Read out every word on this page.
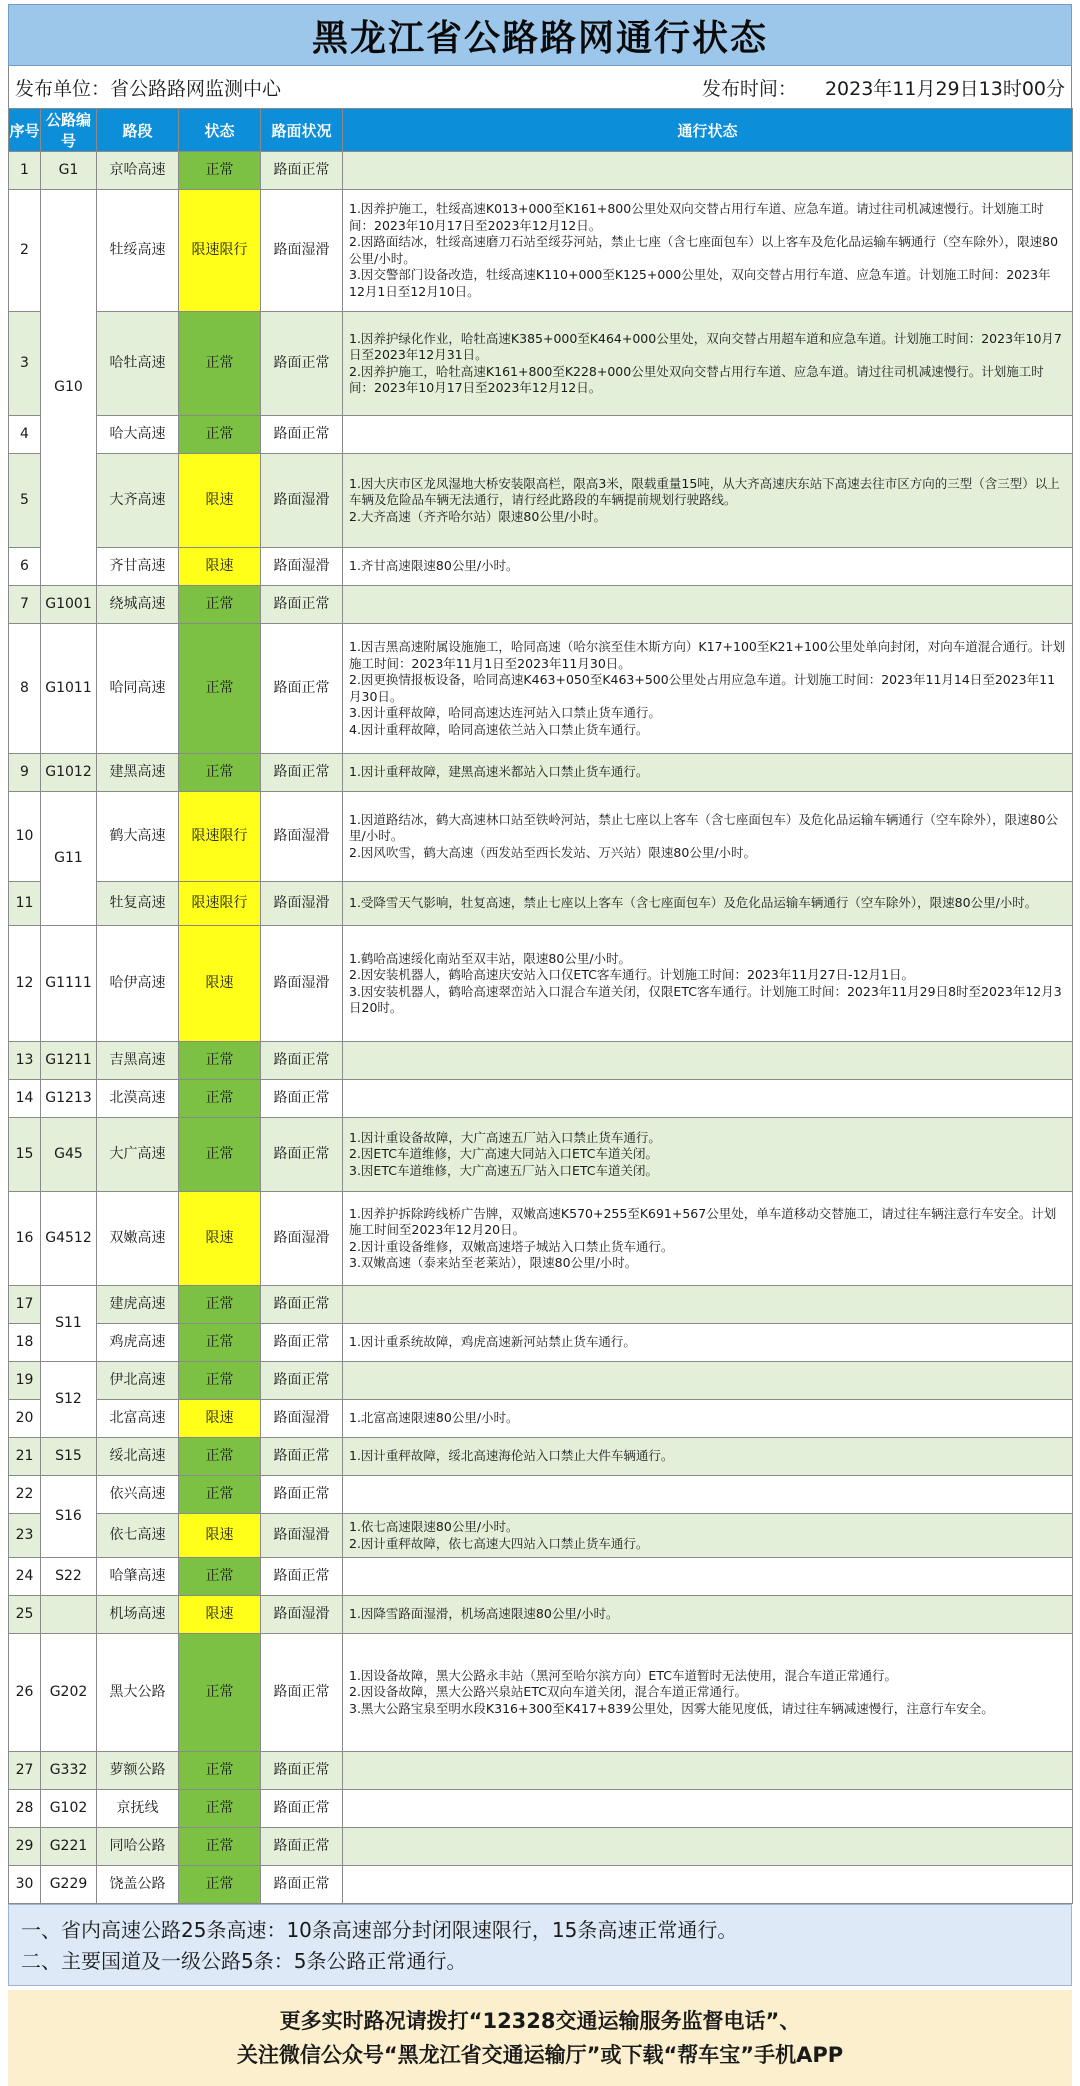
黑龙江省公路路网通行状态
发布单位：省公路路网监测中心	发布时间： 2023年11月29日13时00分
序号	公路编号	路段	状态	路面状况	通行状态
1	G1	京哈高速	正常	路面正常	
2	G10	牡绥高速	限速限行	路面湿滑	1.因养护施工，牡绥高速K013+000至K161+800公里处双向交替占用行车道、应急车道。请过往司机减速慢行。计划施工时间：2023年10月17日至2023年12月12日。
2.因路面结冰，牡绥高速磨刀石站至绥芬河站，禁止七座（含七座面包车）以上客车及危化品运输车辆通行（空车除外），限速80公里/小时。
3.因交警部门设备改造，牡绥高速K110+000至K125+000公里处，双向交替占用行车道、应急车道。计划施工时间：2023年12月1日至12月10日。

3		哈牡高速	正常	路面正常	1.因养护绿化作业，哈牡高速K385+000至K464+000公里处，双向交替占用超车道和应急车道。计划施工时间：2023年10月7日至2023年12月31日。
2.因养护施工，哈牡高速K161+800至K228+000公里处双向交替占用行车道、应急车道。请过往司机减速慢行。计划施工时间：2023年10月17日至2023年12月12日。

4		哈大高速	正常	路面正常	
5		大齐高速	限速	路面湿滑	1.因大庆市区龙凤湿地大桥安装限高栏，限高3米，限载重量15吨，从大齐高速庆东站下高速去往市区方向的三型（含三型）以上车辆及危险品车辆无法通行，请行经此路段的车辆提前规划行驶路线。
2.大齐高速（齐齐哈尔站）限速80公里/小时。

6		齐甘高速	限速	路面湿滑	1.齐甘高速限速80公里/小时。

7	G1001	绕城高速	正常	路面正常	
8	G1011	哈同高速	正常	路面正常	1.因吉黑高速附属设施施工，哈同高速（哈尔滨至佳木斯方向）K17+100至K21+100公里处单向封闭，对向车道混合通行。计划施工时间：2023年11月1日至2023年11月30日。
2.因更换情报板设备，哈同高速K463+050至K463+500公里处占用应急车道。计划施工时间：2023年11月14日至2023年11月30日。
3.因计重秤故障，哈同高速达连河站入口禁止货车通行。
4.因计重秤故障，哈同高速依兰站入口禁止货车通行。

9	G1012	建黑高速	正常	路面正常	1.因计重秤故障，建黑高速米都站入口禁止货车通行。

10	G11	鹤大高速	限速限行	路面湿滑	1.因道路结冰，鹤大高速林口站至铁岭河站，禁止七座以上客车（含七座面包车）及危化品运输车辆通行（空车除外），限速80公里/小时。
2.因风吹雪，鹤大高速（西发站至西长发站、万兴站）限速80公里/小时。

11		牡复高速	限速限行	路面湿滑	1.受降雪天气影响，牡复高速，禁止七座以上客车（含七座面包车）及危化品运输车辆通行（空车除外），限速80公里/小时。

12	G1111	哈伊高速	限速	路面湿滑	1.鹤哈高速绥化南站至双丰站，限速80公里/小时。
2.因安装机器人，鹤哈高速庆安站入口仅ETC客车通行。计划施工时间：2023年11月27日-12月1日。
3.因安装机器人，鹤哈高速翠峦站入口混合车道关闭，仅限ETC客车通行。计划施工时间：2023年11月29日8时至2023年12月3日20时。

13	G1211	吉黑高速	正常	路面正常	
14	G1213	北漠高速	正常	路面正常	
15	G45	大广高速	正常	路面正常	1.因计重设备故障，大广高速五厂站入口禁止货车通行。
2.因ETC车道维修，大广高速大同站入口ETC车道关闭。
3.因ETC车道维修，大广高速五厂站入口ETC车道关闭。

16	G4512	双嫩高速	限速	路面湿滑	1.因养护拆除跨线桥广告牌，双嫩高速K570+255至K691+567公里处，单车道移动交替施工，请过往车辆注意行车安全。计划施工时间至2023年12月20日。
2.因计重设备维修，双嫩高速塔子城站入口禁止货车通行。
3.双嫩高速（泰来站至老莱站），限速80公里/小时。

17	S11	建虎高速	正常	路面正常	
18		鸡虎高速	正常	路面正常	1.因计重系统故障，鸡虎高速新河站禁止货车通行。

19	S12	伊北高速	正常	路面正常	
20		北富高速	限速	路面湿滑	1.北富高速限速80公里/小时。

21	S15	绥北高速	正常	路面正常	1.因计重秤故障，绥北高速海伦站入口禁止大件车辆通行。

22	S16	依兴高速	正常	路面正常	
23		依七高速	限速	路面湿滑	1.依七高速限速80公里/小时。
2.因计重秤故障，依七高速大四站入口禁止货车通行。

24	S22	哈肇高速	正常	路面正常	
25		机场高速	限速	路面湿滑	1.因降雪路面湿滑，机场高速限速80公里/小时。

26	G202	黑大公路	正常	路面正常	1.因设备故障，黑大公路永丰站（黑河至哈尔滨方向）ETC车道暂时无法使用，混合车道正常通行。
2.因设备故障，黑大公路兴泉站ETC双向车道关闭，混合车道正常通行。
3.黑大公路宝泉至明水段K316+300至K417+839公里处，因雾大能见度低，请过往车辆减速慢行，注意行车安全。

27	G332	萝额公路	正常	路面正常	
28	G102	京抚线	正常	路面正常	
29	G221	同哈公路	正常	路面正常	
30	G229	饶盖公路	正常	路面正常	
一、省内高速公路25条高速：10条高速部分封闭限速限行，15条高速正常通行。
二、主要国道及一级公路5条：5条公路正常通行。
更多实时路况请拨打“12328交通运输服务监督电话”、
关注微信公众号“黑龙江省交通运输厅”或下载“帮车宝”手机APP
